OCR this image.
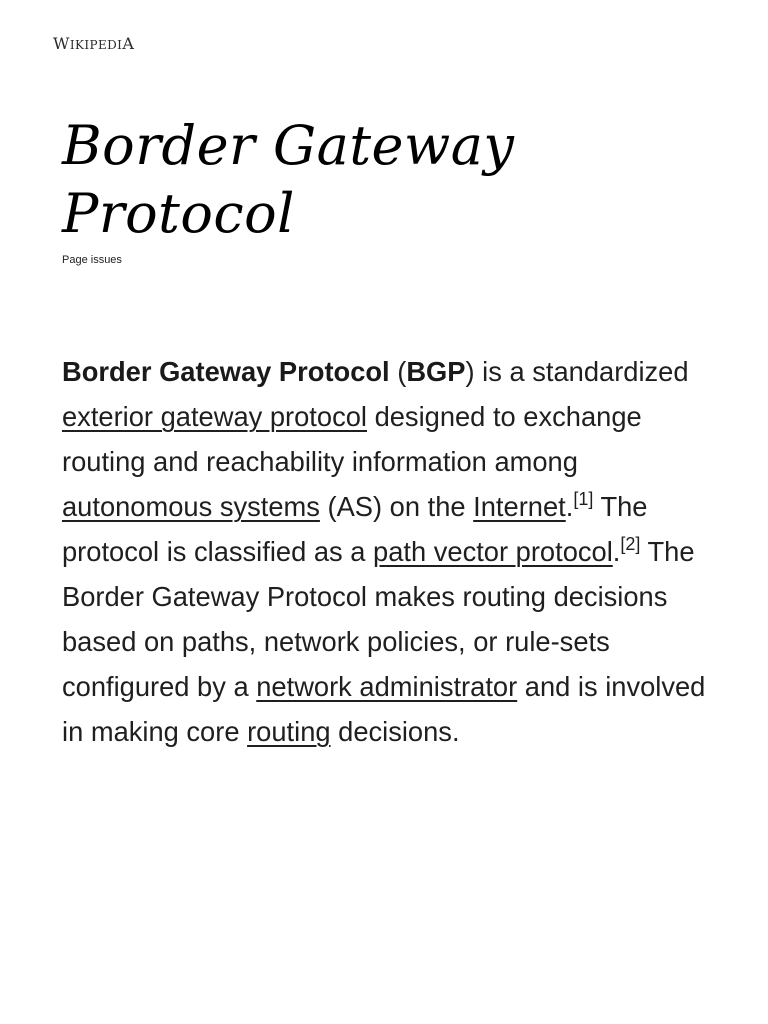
WIKIPEDIA
Border Gateway
Protocol
Page issues

Border Gateway Protocol (BGP) is a standardized exterior gateway protocol designed to exchange routing and reachability information among autonomous systems (AS) on the Internet.[1] The protocol is classified as a path vector protocol.[2] The Border Gateway Protocol makes routing decisions based on paths, network policies, or rule-sets configured by a network administrator and is involved in making core routing decisions.
